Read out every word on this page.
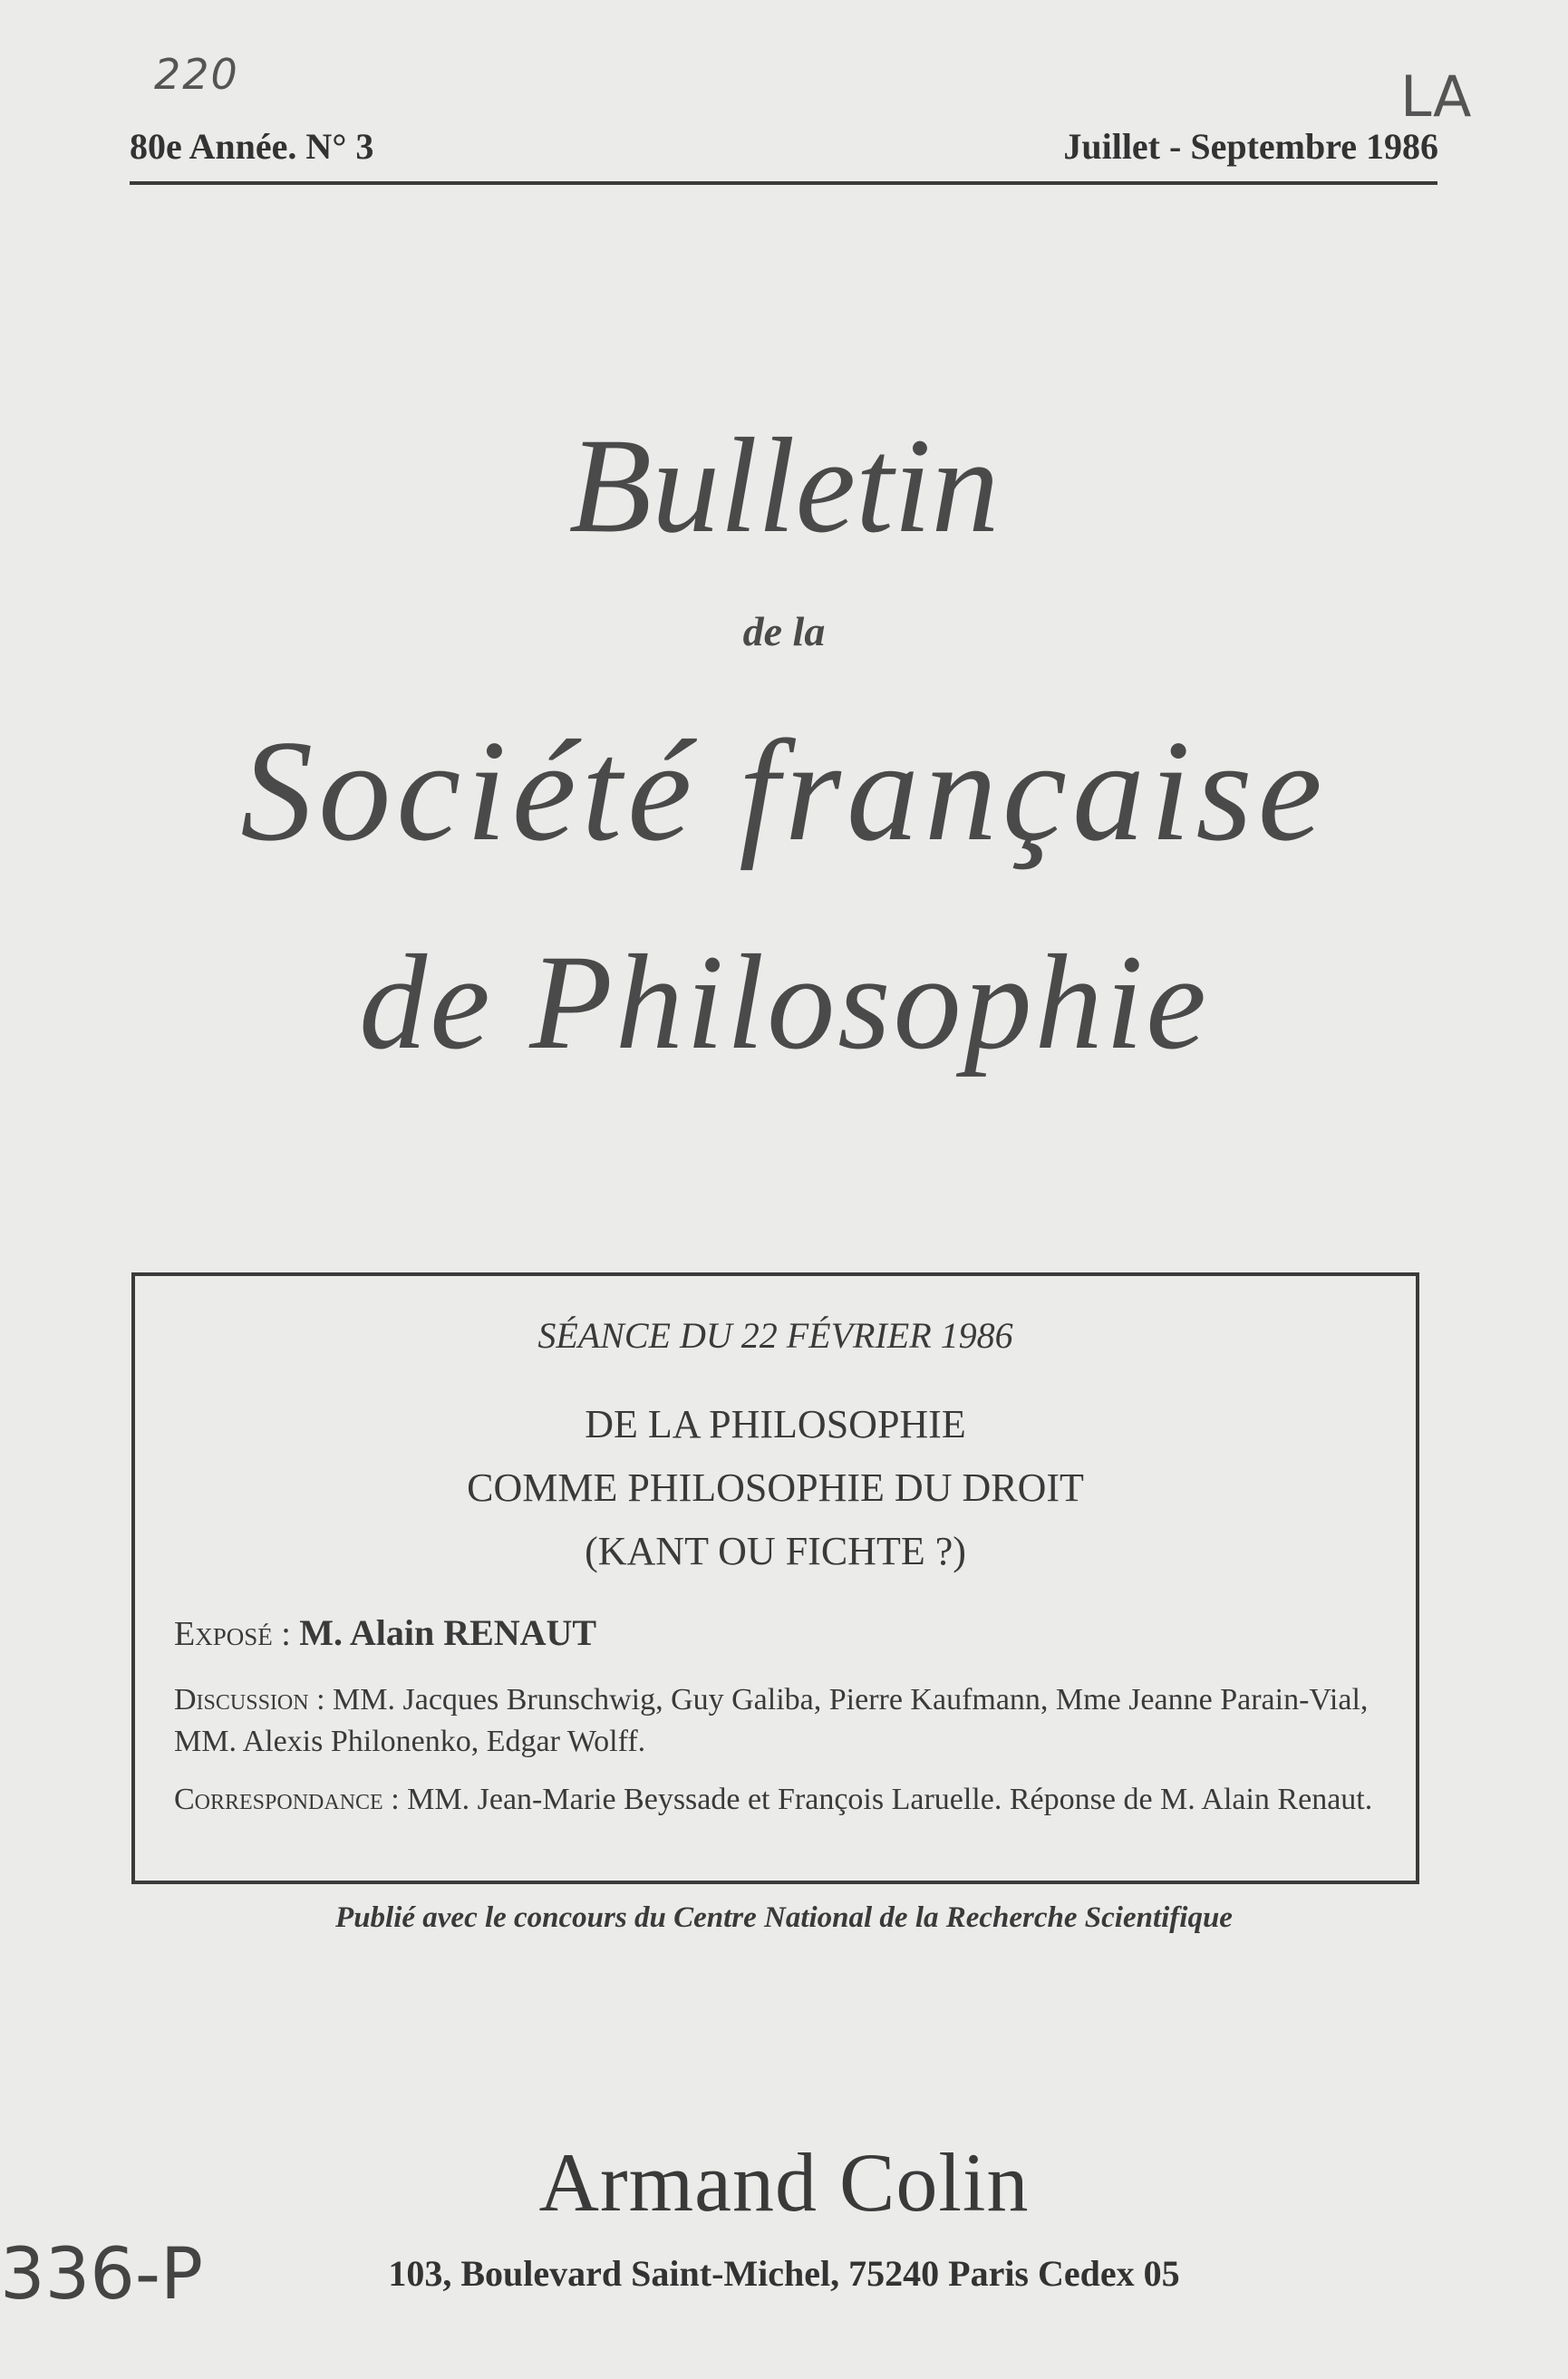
220	LA
336-P
80e Année. N° 3	Juillet - Septembre 1986
Bulletin
de la
Société française
de Philosophie
SÉANCE DU 22 FÉVRIER 1986
DE LA PHILOSOPHIE
COMME PHILOSOPHIE DU DROIT
(KANT OU FICHTE ?)
Exposé : M. Alain RENAUT
Discussion : MM. Jacques Brunschwig, Guy Galiba, Pierre Kaufmann, Mme Jeanne Parain-Vial, MM. Alexis Philonenko, Edgar Wolff.
Correspondance : MM. Jean-Marie Beyssade et François Laruelle. Réponse de M. Alain Renaut.
Publié avec le concours du Centre National de la Recherche Scientifique
Armand Colin
103, Boulevard Saint-Michel, 75240 Paris Cedex 05
